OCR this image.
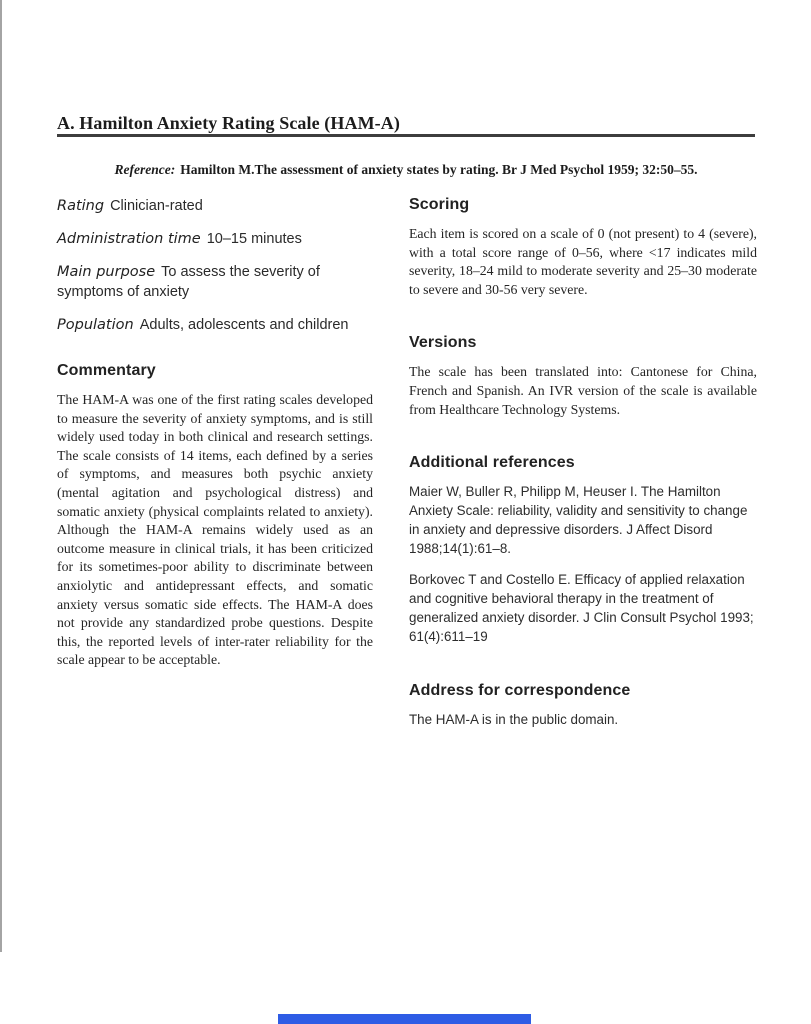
A. Hamilton Anxiety Rating Scale (HAM-A)
Reference: Hamilton M.The assessment of anxiety states by rating. Br J Med Psychol 1959; 32:50–55.
Rating Clinician-rated
Administration time 10–15 minutes
Main purpose To assess the severity of symptoms of anxiety
Population Adults, adolescents and children
Commentary

The HAM-A was one of the first rating scales developed to measure the severity of anxiety symptoms, and is still widely used today in both clinical and research settings. The scale consists of 14 items, each defined by a series of symptoms, and measures both psychic anxiety (mental agitation and psychological distress) and somatic anxiety (physical complaints related to anxiety). Although the HAM-A remains widely used as an outcome measure in clinical trials, it has been criticized for its sometimes-poor ability to discriminate between anxiolytic and antidepressant effects, and somatic anxiety versus somatic side effects. The HAM-A does not provide any standardized probe questions. Despite this, the reported levels of inter-rater reliability for the scale appear to be acceptable.

Scoring

Each item is scored on a scale of 0 (not present) to 4 (severe), with a total score range of 0–56, where <17 indicates mild severity, 18–24 mild to moderate severity and 25–30 moderate to severe and 30-56 very severe.

Versions

The scale has been translated into: Cantonese for China, French and Spanish. An IVR version of the scale is available from Healthcare Technology Systems.

Additional references

Maier W, Buller R, Philipp M, Heuser I. The Hamilton Anxiety Scale: reliability, validity and sensitivity to change in anxiety and depressive disorders. J Affect Disord 1988;14(1):61–8.

Borkovec T and Costello E. Efficacy of applied relaxation and cognitive behavioral therapy in the treatment of generalized anxiety disorder. J Clin Consult Psychol 1993; 61(4):611–19

Address for correspondence

The HAM-A is in the public domain.
